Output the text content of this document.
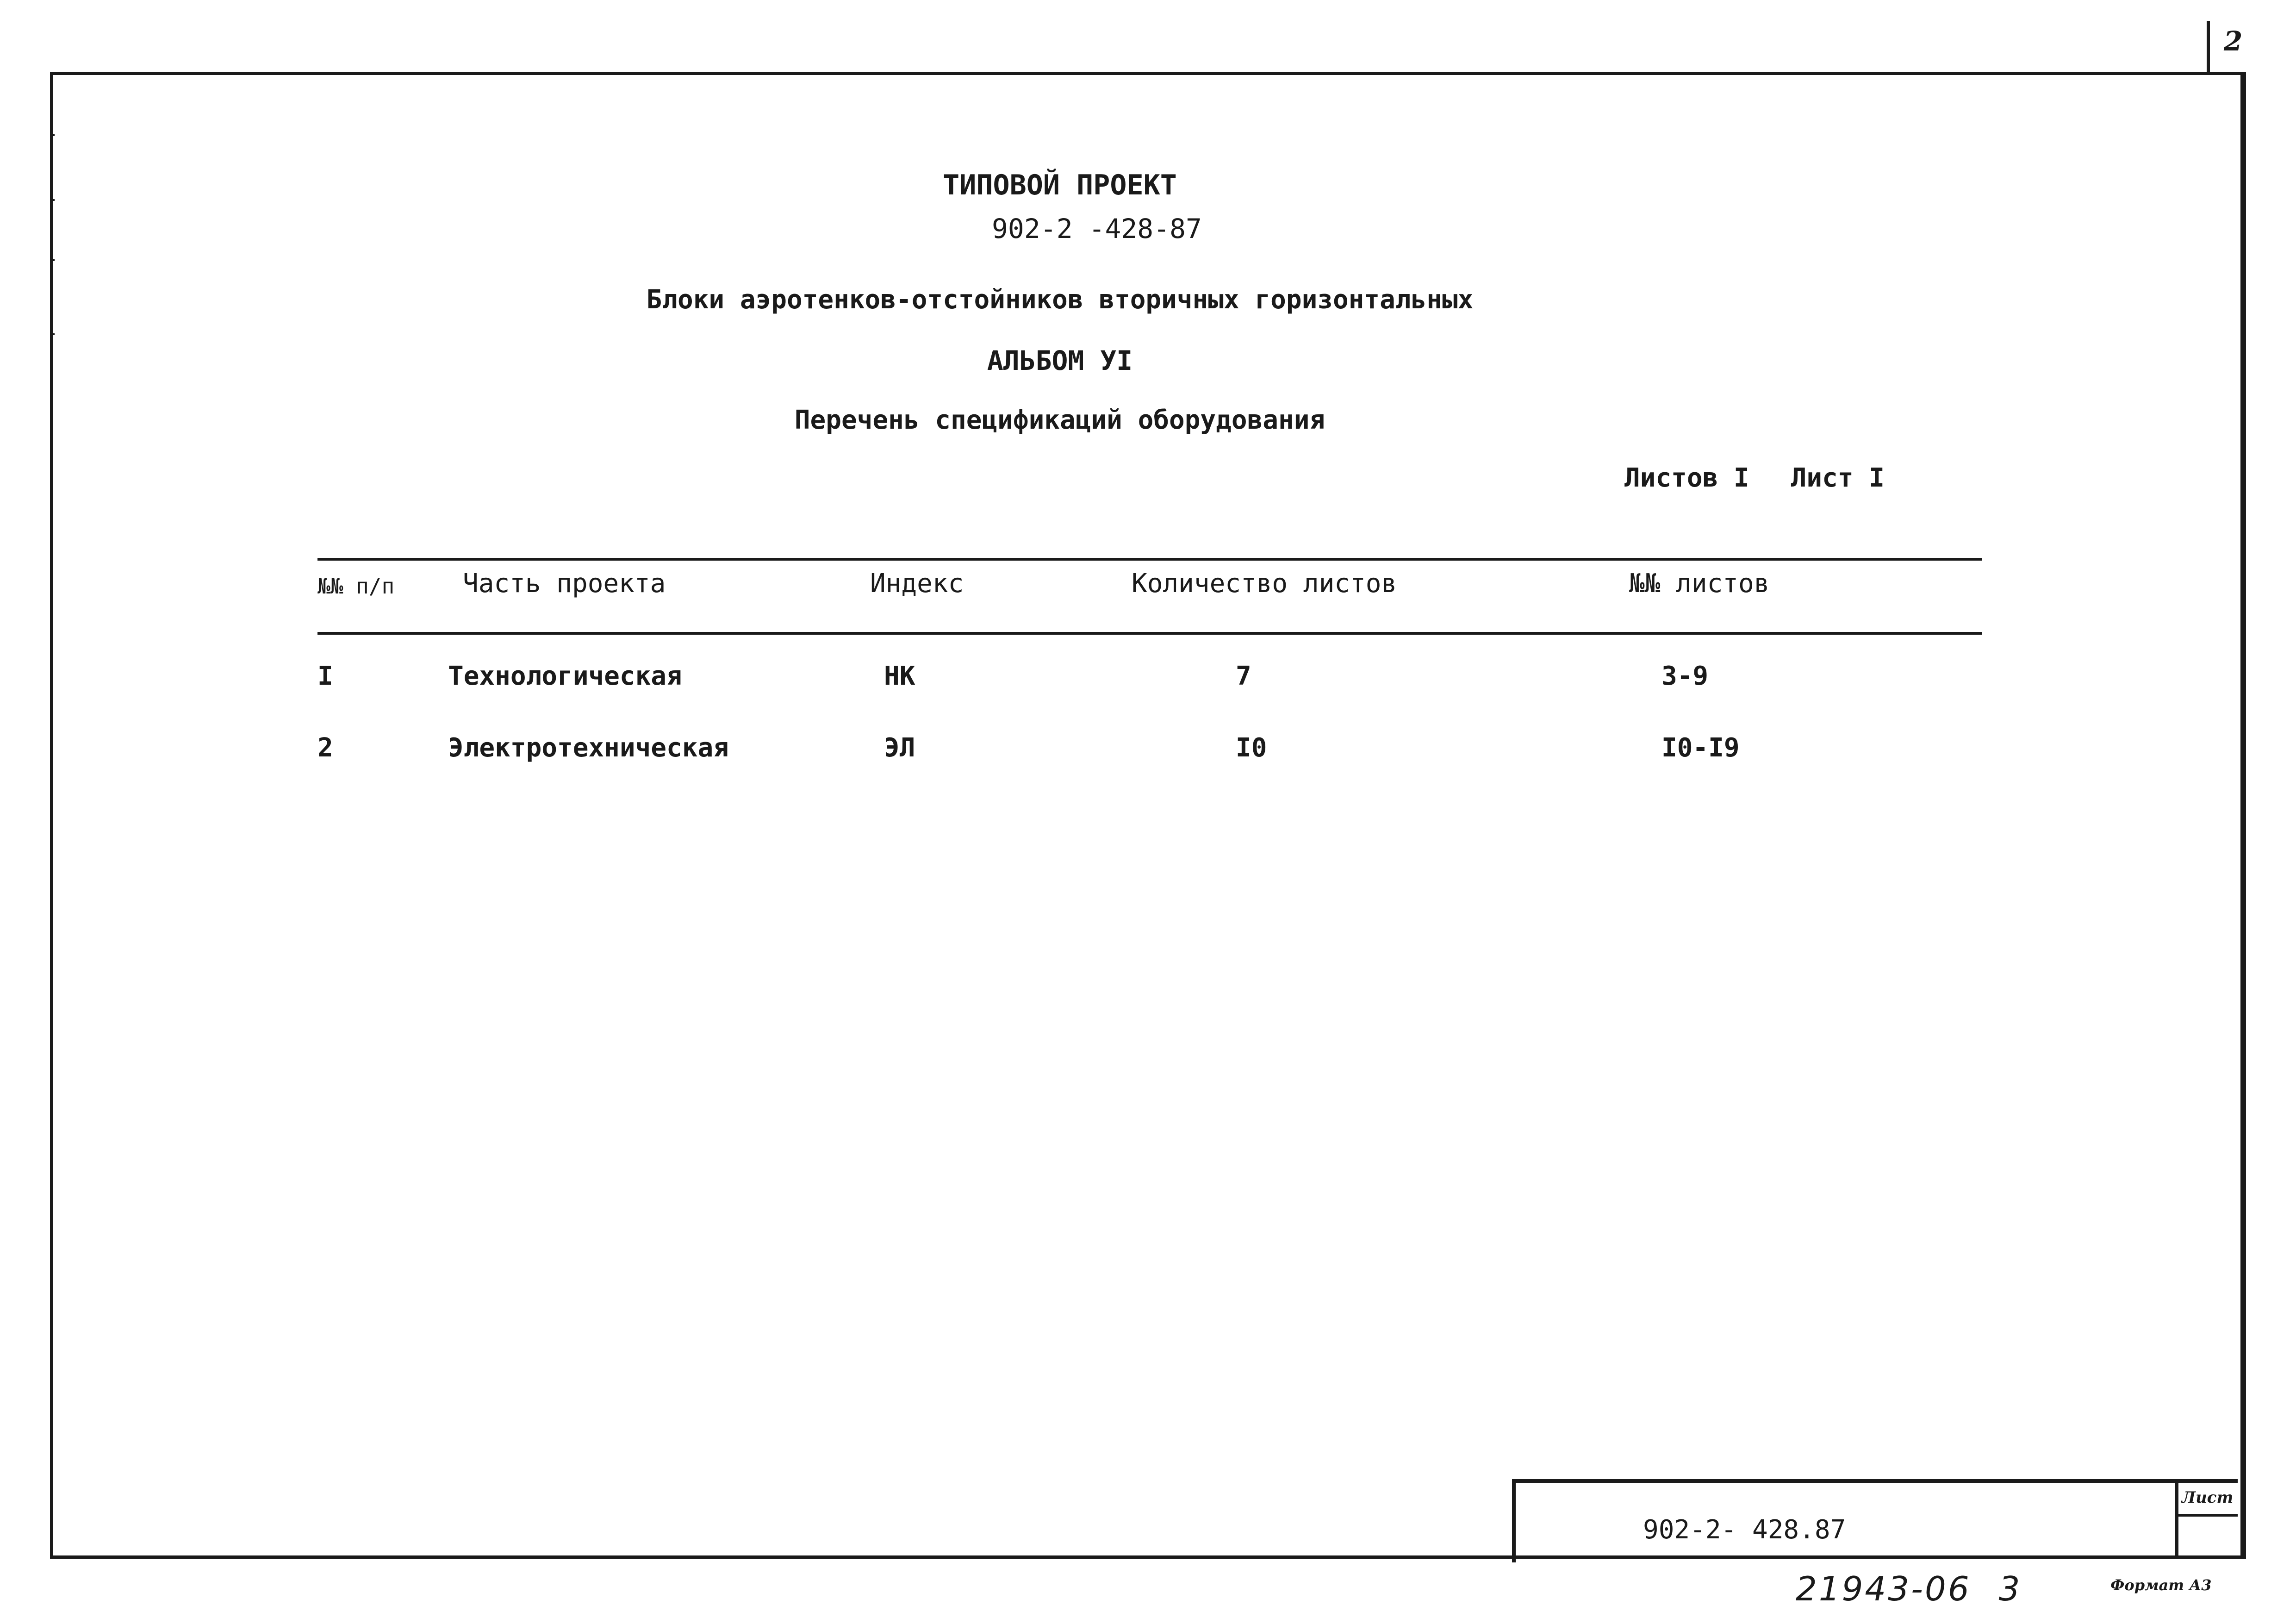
2
ТИПОВОЙ ПРОЕКТ
902-2 -428-87
Блоки аэротенков-отстойников вторичных горизонтальных
АЛЬБОМ УI
Перечень спецификаций оборудования
Листов I Лист I
№№ п/п	Часть проекта	Индекс	Количество листов	№№ листов
I	Технологическая	НК	7	3-9
2	Электротехническая	ЭЛ	I0	I0-I9
Лист
902-2- 428.87
21943-06 3	Формат А3
